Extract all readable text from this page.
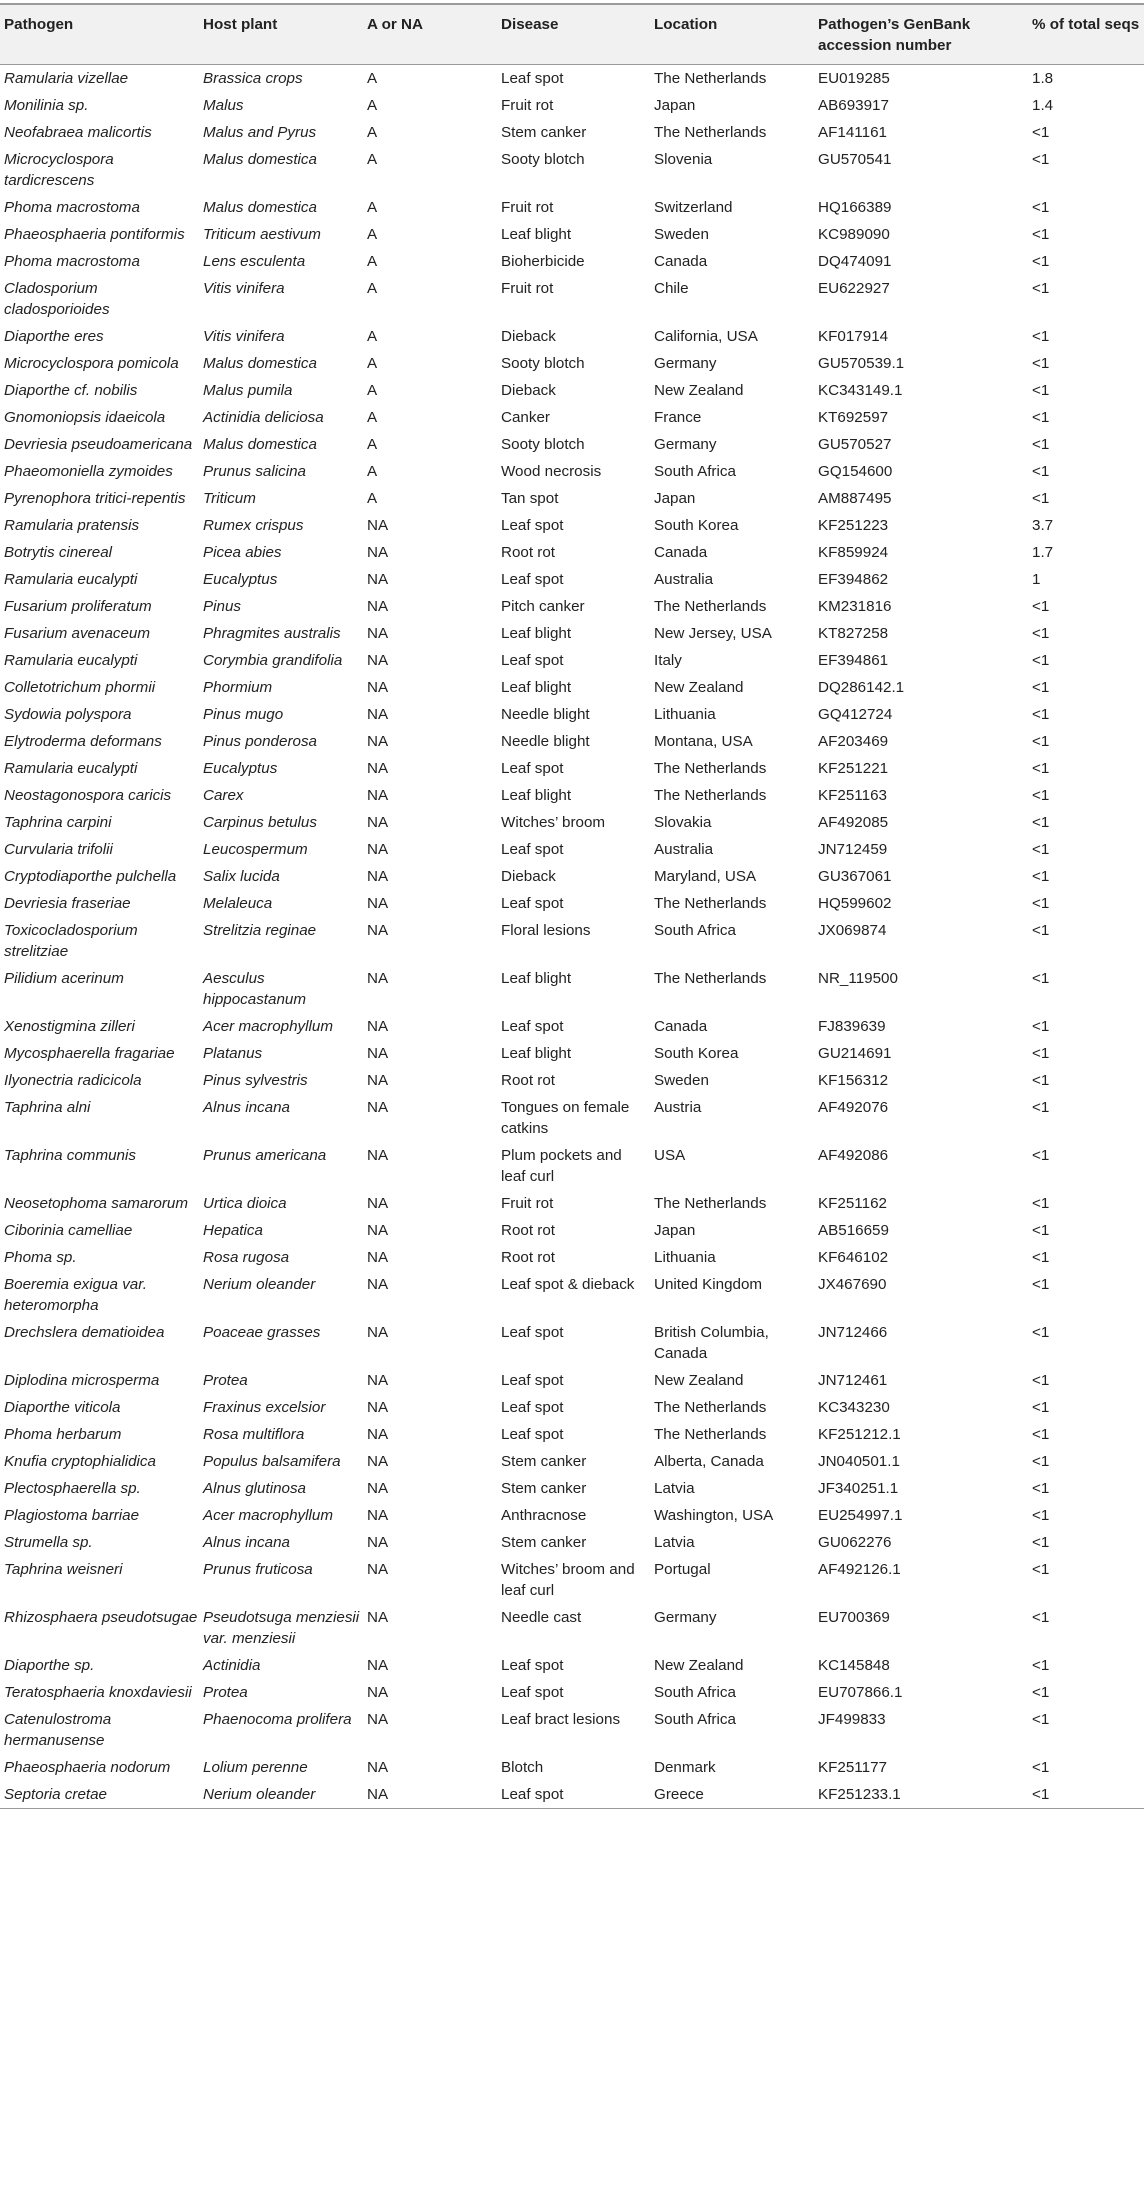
Pathogen	Host plant	A or NA	Disease	Location	Pathogen’s GenBank accession number	% of total seqs
Ramularia vizellae	Brassica crops	A	Leaf spot	The Netherlands	EU019285	1.8
Monilinia sp.	Malus	A	Fruit rot	Japan	AB693917	1.4
Neofabraea malicortis	Malus and Pyrus	A	Stem canker	The Netherlands	AF141161	<1
Microcyclospora tardicrescens	Malus domestica	A	Sooty blotch	Slovenia	GU570541	<1
Phoma macrostoma	Malus domestica	A	Fruit rot	Switzerland	HQ166389	<1
Phaeosphaeria pontiformis	Triticum aestivum	A	Leaf blight	Sweden	KC989090	<1
Phoma macrostoma	Lens esculenta	A	Bioherbicide	Canada	DQ474091	<1
Cladosporium cladosporioides	Vitis vinifera	A	Fruit rot	Chile	EU622927	<1
Diaporthe eres	Vitis vinifera	A	Dieback	California, USA	KF017914	<1
Microcyclospora pomicola	Malus domestica	A	Sooty blotch	Germany	GU570539.1	<1
Diaporthe cf. nobilis	Malus pumila	A	Dieback	New Zealand	KC343149.1	<1
Gnomoniopsis idaeicola	Actinidia deliciosa	A	Canker	France	KT692597	<1
Devriesia pseudoamericana	Malus domestica	A	Sooty blotch	Germany	GU570527	<1
Phaeomoniella zymoides	Prunus salicina	A	Wood necrosis	South Africa	GQ154600	<1
Pyrenophora tritici-repentis	Triticum	A	Tan spot	Japan	AM887495	<1
Ramularia pratensis	Rumex crispus	NA	Leaf spot	South Korea	KF251223	3.7
Botrytis cinereal	Picea abies	NA	Root rot	Canada	KF859924	1.7
Ramularia eucalypti	Eucalyptus	NA	Leaf spot	Australia	EF394862	1
Fusarium proliferatum	Pinus	NA	Pitch canker	The Netherlands	KM231816	<1
Fusarium avenaceum	Phragmites australis	NA	Leaf blight	New Jersey, USA	KT827258	<1
Ramularia eucalypti	Corymbia grandifolia	NA	Leaf spot	Italy	EF394861	<1
Colletotrichum phormii	Phormium	NA	Leaf blight	New Zealand	DQ286142.1	<1
Sydowia polyspora	Pinus mugo	NA	Needle blight	Lithuania	GQ412724	<1
Elytroderma deformans	Pinus ponderosa	NA	Needle blight	Montana, USA	AF203469	<1
Ramularia eucalypti	Eucalyptus	NA	Leaf spot	The Netherlands	KF251221	<1
Neostagonospora caricis	Carex	NA	Leaf blight	The Netherlands	KF251163	<1
Taphrina carpini	Carpinus betulus	NA	Witches’ broom	Slovakia	AF492085	<1
Curvularia trifolii	Leucospermum	NA	Leaf spot	Australia	JN712459	<1
Cryptodiaporthe pulchella	Salix lucida	NA	Dieback	Maryland, USA	GU367061	<1
Devriesia fraseriae	Melaleuca	NA	Leaf spot	The Netherlands	HQ599602	<1
Toxicocladosporium strelitziae	Strelitzia reginae	NA	Floral lesions	South Africa	JX069874	<1
Pilidium acerinum	Aesculus hippocastanum	NA	Leaf blight	The Netherlands	NR_119500	<1
Xenostigmina zilleri	Acer macrophyllum	NA	Leaf spot	Canada	FJ839639	<1
Mycosphaerella fragariae	Platanus	NA	Leaf blight	South Korea	GU214691	<1
Ilyonectria radicicola	Pinus sylvestris	NA	Root rot	Sweden	KF156312	<1
Taphrina alni	Alnus incana	NA	Tongues on female catkins	Austria	AF492076	<1
Taphrina communis	Prunus americana	NA	Plum pockets and leaf curl	USA	AF492086	<1
Neosetophoma samarorum	Urtica dioica	NA	Fruit rot	The Netherlands	KF251162	<1
Ciborinia camelliae	Hepatica	NA	Root rot	Japan	AB516659	<1
Phoma sp.	Rosa rugosa	NA	Root rot	Lithuania	KF646102	<1
Boeremia exigua var. heteromorpha	Nerium oleander	NA	Leaf spot & dieback	United Kingdom	JX467690	<1
Drechslera dematioidea	Poaceae grasses	NA	Leaf spot	British Columbia, Canada	JN712466	<1
Diplodina microsperma	Protea	NA	Leaf spot	New Zealand	JN712461	<1
Diaporthe viticola	Fraxinus excelsior	NA	Leaf spot	The Netherlands	KC343230	<1
Phoma herbarum	Rosa multiflora	NA	Leaf spot	The Netherlands	KF251212.1	<1
Knufia cryptophialidica	Populus balsamifera	NA	Stem canker	Alberta, Canada	JN040501.1	<1
Plectosphaerella sp.	Alnus glutinosa	NA	Stem canker	Latvia	JF340251.1	<1
Plagiostoma barriae	Acer macrophyllum	NA	Anthracnose	Washington, USA	EU254997.1	<1
Strumella sp.	Alnus incana	NA	Stem canker	Latvia	GU062276	<1
Taphrina weisneri	Prunus fruticosa	NA	Witches’ broom and leaf curl	Portugal	AF492126.1	<1
Rhizosphaera pseudotsugae	Pseudotsuga menziesii var. menziesii	NA	Needle cast	Germany	EU700369	<1
Diaporthe sp.	Actinidia	NA	Leaf spot	New Zealand	KC145848	<1
Teratosphaeria knoxdaviesii	Protea	NA	Leaf spot	South Africa	EU707866.1	<1
Catenulostroma hermanusense	Phaenocoma prolifera	NA	Leaf bract lesions	South Africa	JF499833	<1
Phaeosphaeria nodorum	Lolium perenne	NA	Blotch	Denmark	KF251177	<1
Septoria cretae	Nerium oleander	NA	Leaf spot	Greece	KF251233.1	<1
